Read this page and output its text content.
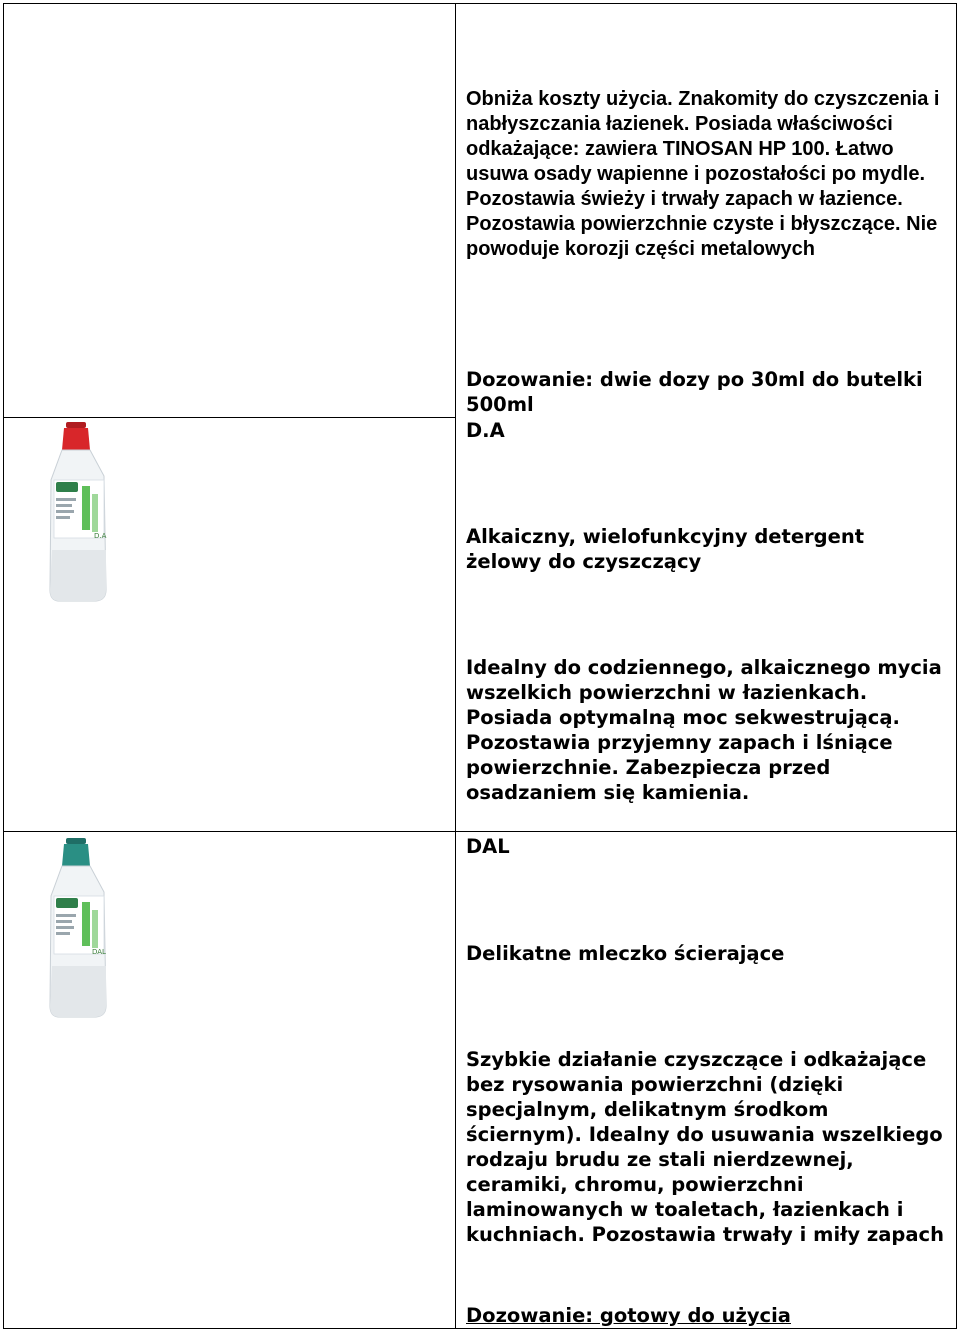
Obniża koszty użycia. Znakomity do czyszczenia i nabłyszczania łazienek. Posiada właściwości odkażające: zawiera TINOSAN HP 100. Łatwo usuwa osady wapienne i pozostałości po mydle. Pozostawia świeży i trwały zapach w łazience. Pozostawia powierzchnie czyste i błyszczące. Nie powoduje korozji części metalowych

Dozowanie: dwie dozy po 30ml do butelki 500ml

D.A

Alkaiczny, wielofunkcyjny detergent żelowy do czyszczący

Idealny do codziennego, alkaicznego mycia wszelkich powierzchni w łazienkach. Posiada optymalną moc sekwestrującą. Pozostawia przyjemny zapach i lśniące powierzchnie. Zabezpiecza przed osadzaniem się kamienia.

DAL

Delikatne mleczko ścierające

Szybkie działanie czyszczące i odkażające bez rysowania powierzchni (dzięki specjalnym, delikatnym środkom ściernym). Idealny do usuwania wszelkiego rodzaju brudu ze stali nierdzewnej, ceramiki, chromu, powierzchni laminowanych w toaletach, łazienkach i kuchniach. Pozostawia trwały i miły zapach

Dozowanie: gotowy do użycia

D.A
DAL
